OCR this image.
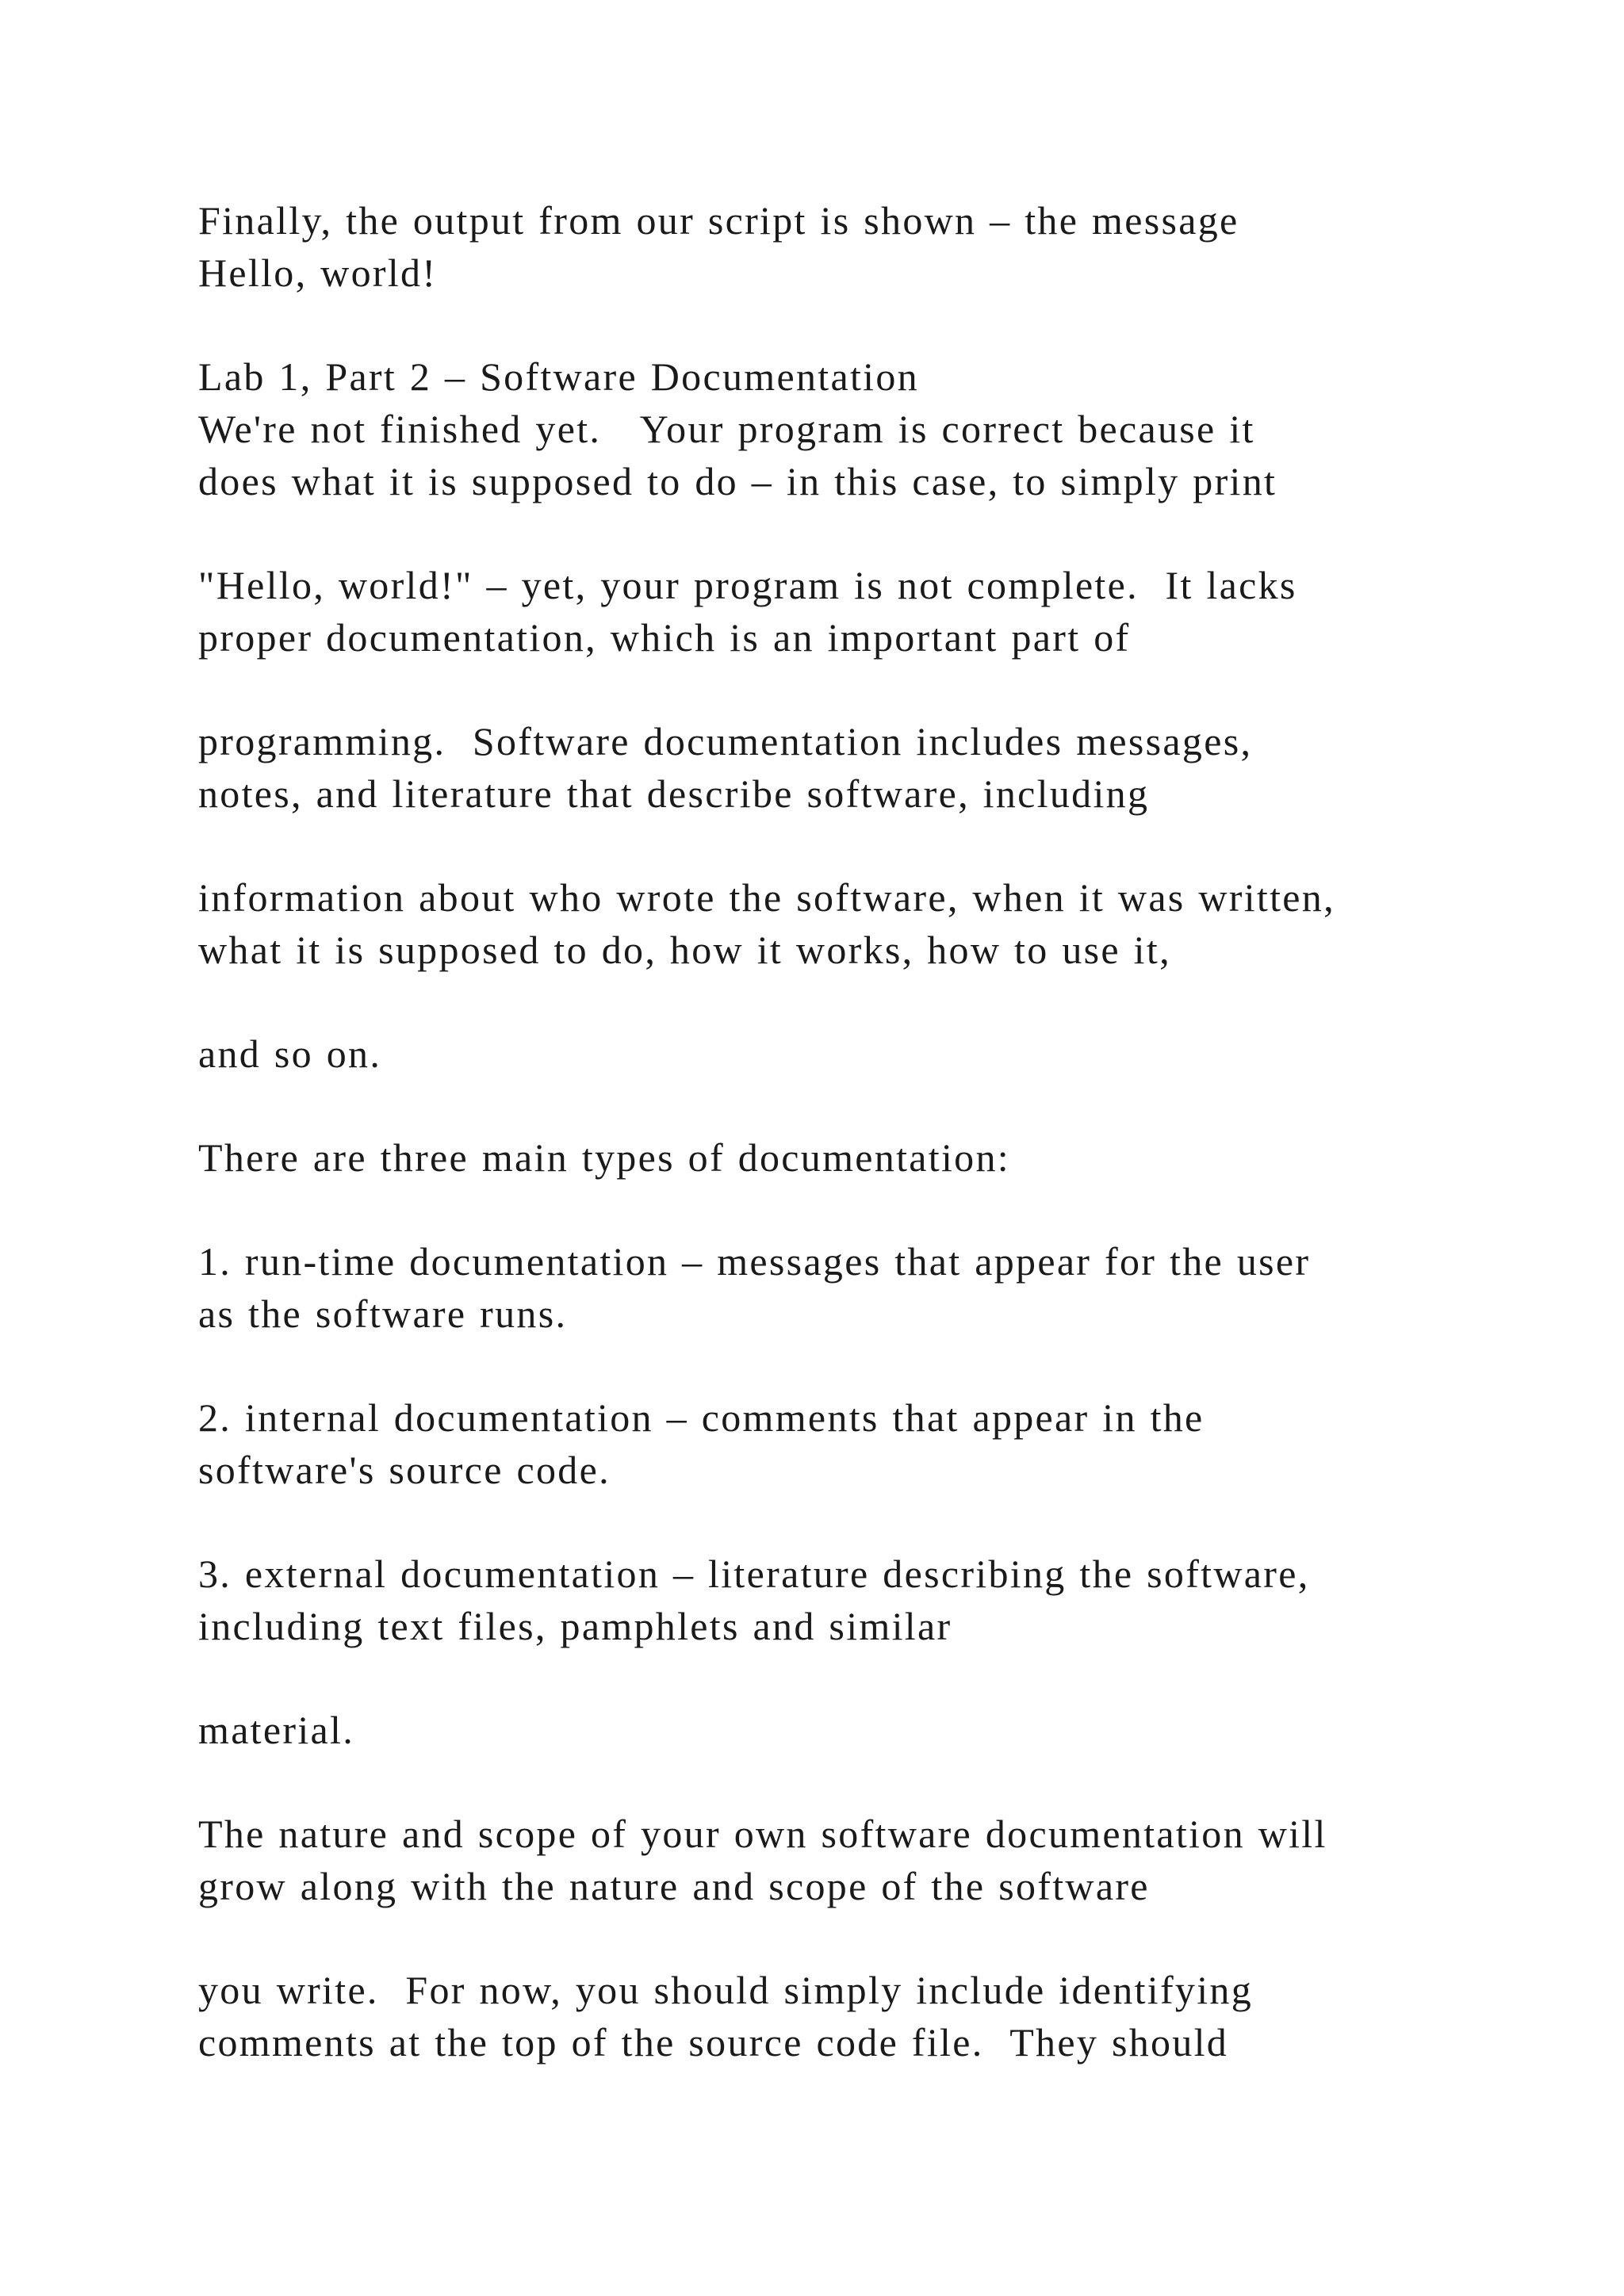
Finally, the output from our script is shown – the message
Hello, world!
Lab 1, Part 2 – Software Documentation
We're not finished yet.   Your program is correct because it
does what it is supposed to do – in this case, to simply print
"Hello, world!" – yet, your program is not complete.  It lacks
proper documentation, which is an important part of
programming.  Software documentation includes messages,
notes, and literature that describe software, including
information about who wrote the software, when it was written,
what it is supposed to do, how it works, how to use it,
and so on.
There are three main types of documentation:
1. run-time documentation – messages that appear for the user
as the software runs.
2. internal documentation – comments that appear in the
software's source code.
3. external documentation – literature describing the software,
including text files, pamphlets and similar
material.
The nature and scope of your own software documentation will
grow along with the nature and scope of the software
you write.  For now, you should simply include identifying
comments at the top of the source code file.  They should
